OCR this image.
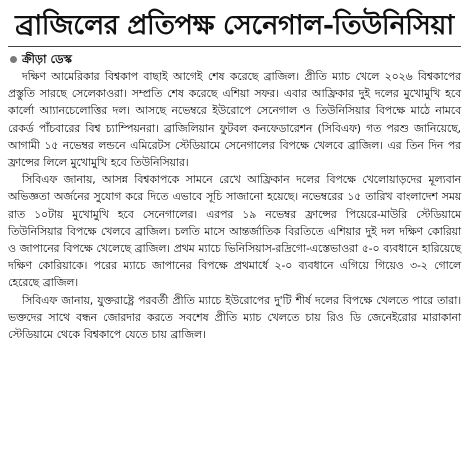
ব্রাজিলের প্রতিপক্ষ সেনেগাল-তিউনিসিয়া
ক্রীড়া ডেস্ক

দক্ষিণ আমেরিকার বিশ্বকাপ বাছাই আগেই শেষ করেছে ব্রাজিল। প্রীতি ম্যাচ খেলে ২০২৬ বিশ্বকাপের প্রস্তুতি সারছে সেলেকাওরা। সম্প্রতি শেষ করেছে এশিয়া সফর। এবার আফ্রিকার দুই দলের মুখোমুখি হবে কার্লো আ্যানচেলোত্তির দল। আসছে নভেম্বরে ইউরোপে সেনেগাল ও তিউনিসিয়ার বিপক্ষে মাঠে নামবে রেকর্ড পাঁচবারের বিশ্ব চ্যাম্পিয়নরা। ব্রাজিলিয়ান ফুটবল কনফেডারেশন (সিবিএফ) গত পরশু জানিয়েছে, আগামী ১৫ নভেম্বর লন্ডনে এমিরেটস স্টেডিয়ামে সেনেগালের বিপক্ষে খেলবে ব্রাজিল। এর তিন দিন পর ফ্রান্সের লিলে মুখোমুখি হবে তিউনিসিয়ার।

সিবিএফ জানায়, আসন্ন বিশ্বকাপকে সামনে রেখে আফ্রিকান দলের বিপক্ষে খেলোয়াড়দের মূল্যবান অভিজ্ঞতা অর্জনের সুযোগ করে দিতে এভাবে সূচি সাজানো হয়েছে। নভেম্বরের ১৫ তারিখ বাংলাদেশ সময় রাত ১০টায় মুখোমুখি হবে সেনেগালের। এরপর ১৯ নভেম্বর ফ্রান্সের পিয়েরে-মাউরি স্টেডিয়ামে তিউনিসিয়ার বিপক্ষে খেলবে ব্রাজিল। চলতি মাসে আন্তর্জাতিক বিরতিতে এশিয়ার দুই দল দক্ষিণ কোরিয়া ও জাপানের বিপক্ষে খেলেছে ব্রাজিল। প্রথম ম্যাচে ভিনিসিয়াস-রদ্রিগো-এস্তেভাওরা ৫-০ ব্যবধানে হারিয়েছে দক্ষিণ কোরিয়াকে। পরের ম্যাচে জাপানের বিপক্ষে প্রথমার্ধে ২-০ ব্যবধানে এগিয়ে গিয়েও ৩-২ গোলে হেরেছে ব্রাজিল।

সিবিএফ জানায়, যুক্তরাষ্ট্রে পরবর্তী প্রীতি ম্যাচে ইউরোপের দু'টি শীর্ষ দলের বিপক্ষে খেলতে পারে তারা। ভক্তদের সাথে বন্ধন জোরদার করতে সবশেষ প্রীতি ম্যাচ খেলতে চায় রিও ডি জেনেইরোর মারাকানা স্টেডিয়ামে থেকে বিশ্বকাপে যেতে চায় ব্রাজিল।
